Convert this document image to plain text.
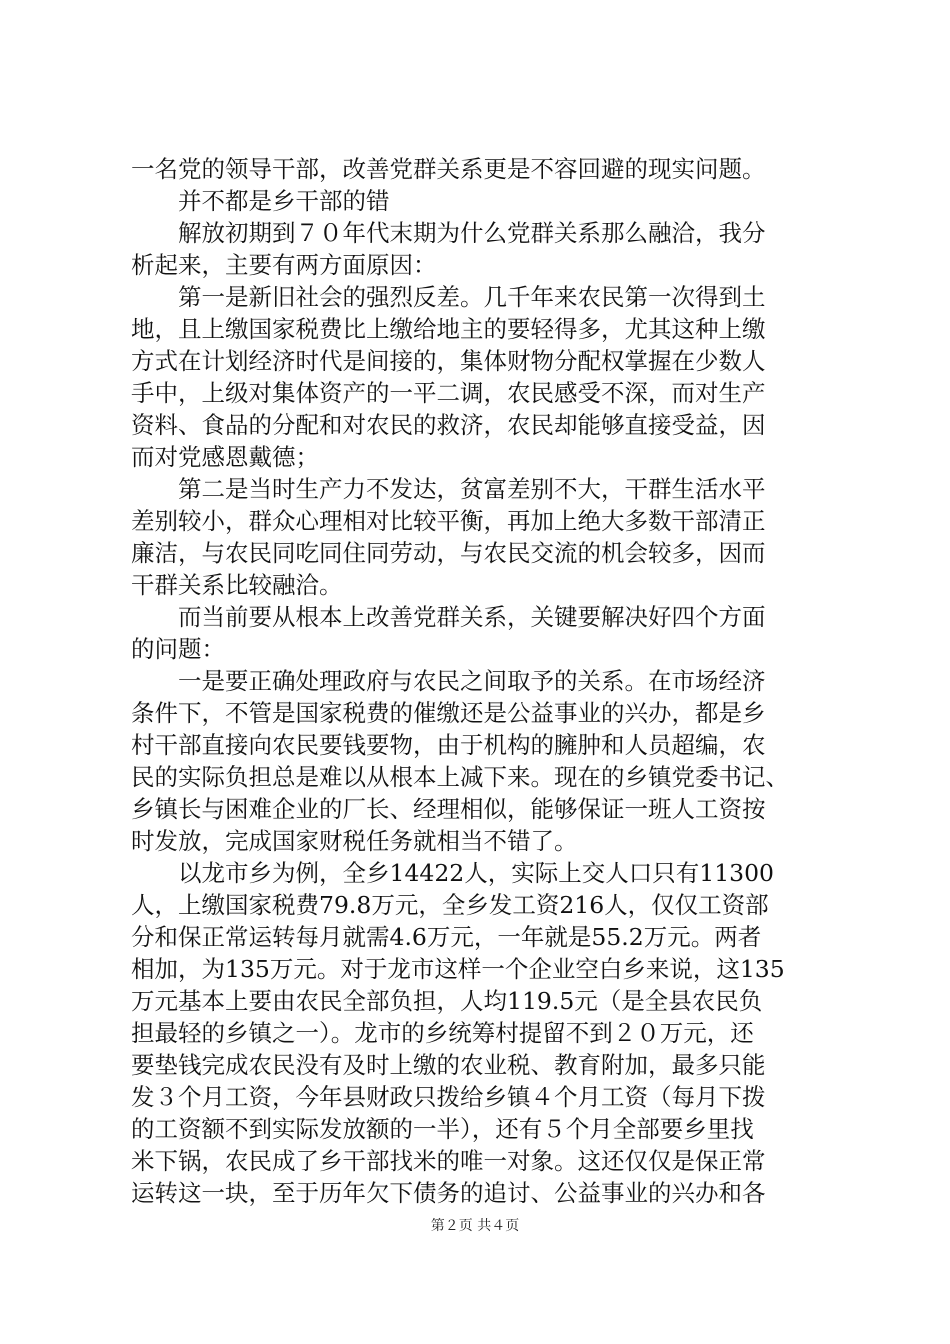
一名党的领导干部，改善党群关系更是不容回避的现实问题。
　　并不都是乡干部的错
　　解放初期到７０年代末期为什么党群关系那么融洽，我分
析起来，主要有两方面原因：
　　第一是新旧社会的强烈反差。几千年来农民第一次得到土
地，且上缴国家税费比上缴给地主的要轻得多，尤其这种上缴
方式在计划经济时代是间接的，集体财物分配权掌握在少数人
手中，上级对集体资产的一平二调，农民感受不深，而对生产
资料、食品的分配和对农民的救济，农民却能够直接受益，因
而对党感恩戴德；
　　第二是当时生产力不发达，贫富差别不大，干群生活水平
差别较小，群众心理相对比较平衡，再加上绝大多数干部清正
廉洁，与农民同吃同住同劳动，与农民交流的机会较多，因而
干群关系比较融洽。
　　而当前要从根本上改善党群关系，关键要解决好四个方面
的问题：
　　一是要正确处理政府与农民之间取予的关系。在市场经济
条件下，不管是国家税费的催缴还是公益事业的兴办，都是乡
村干部直接向农民要钱要物，由于机构的臃肿和人员超编，农
民的实际负担总是难以从根本上减下来。现在的乡镇党委书记、
乡镇长与困难企业的厂长、经理相似，能够保证一班人工资按
时发放，完成国家财税任务就相当不错了。
　　以龙市乡为例，全乡14422人，实际上交人口只有11300
人，上缴国家税费79.8万元，全乡发工资216人，仅仅工资部
分和保正常运转每月就需4.6万元，一年就是55.2万元。两者
相加，为135万元。对于龙市这样一个企业空白乡来说，这135
万元基本上要由农民全部负担，人均119.5元（是全县农民负
担最轻的乡镇之一）。龙市的乡统筹村提留不到２０万元，还
要垫钱完成农民没有及时上缴的农业税、教育附加，最多只能
发３个月工资，今年县财政只拨给乡镇４个月工资（每月下拨
的工资额不到实际发放额的一半），还有５个月全部要乡里找
米下锅，农民成了乡干部找米的唯一对象。这还仅仅是保正常
运转这一块，至于历年欠下债务的追讨、公益事业的兴办和各
第２页 共４页
